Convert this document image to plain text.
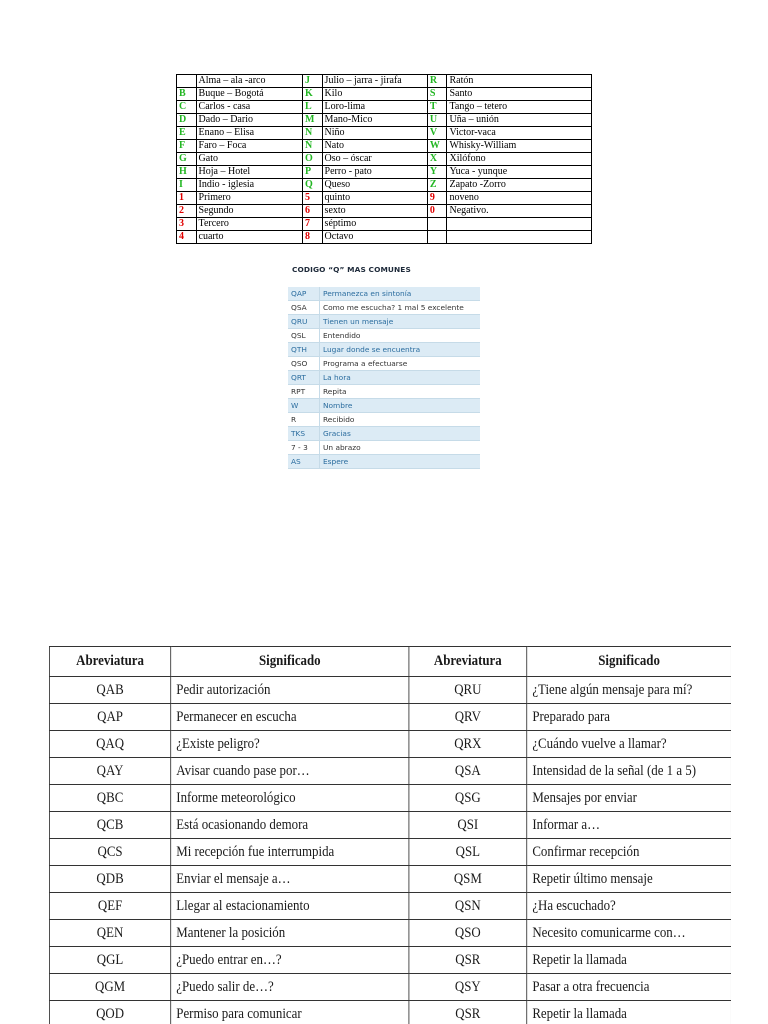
	Alma – ala -arco	J	Julio – jarra - jirafa	R	Ratón
B	Buque – Bogotá	K	Kilo	S	Santo
C	Carlos - casa	L	Loro-lima	T	Tango – tetero
D	Dado – Dario	M	Mano-Mico	U	Uña – unión
E	Enano – Elisa	N	Niño	V	Victor-vaca
F	Faro – Foca	Ñ	Nato	W	Whisky-William
G	Gato	O	Oso – óscar	X	Xilófono
H	Hoja – Hotel	P	Perro - pato	Y	Yuca - yunque
I	Indio - iglesia	Q	Queso	Z	Zapato -Zorro
1	Primero	5	quinto	9	noveno
2	Segundo	6	sexto	0	Negativo.
3	Tercero	7	séptimo		
4	cuarto	8	Octavo		
CODIGO “Q” MAS COMUNES
QAP	Permanezca en sintonía
QSA	Como me escucha? 1 mal 5 excelente
QRU	Tienen un mensaje
QSL	Entendido
QTH	Lugar donde se encuentra
QSO	Programa a efectuarse
QRT	La hora
RPT	Repita
W	Nombre
R	Recibido
TKS	Gracias
7 - 3	Un abrazo
AS	Espere
Abreviatura	Significado	Abreviatura	Significado
QAB	Pedir autorización	QRU	¿Tiene algún mensaje para mí?
QAP	Permanecer en escucha	QRV	Preparado para
QAQ	¿Existe peligro?	QRX	¿Cuándo vuelve a llamar?
QAY	Avisar cuando pase por…	QSA	Intensidad de la señal (de 1 a 5)
QBC	Informe meteorológico	QSG	Mensajes por enviar
QCB	Está ocasionando demora	QSI	Informar a…
QCS	Mi recepción fue interrumpida	QSL	Confirmar recepción
QDB	Enviar el mensaje a…	QSM	Repetir último mensaje
QEF	Llegar al estacionamiento	QSN	¿Ha escuchado?
QEN	Mantener la posición	QSO	Necesito comunicarme con…
QGL	¿Puedo entrar en…?	QSR	Repetir la llamada
QGM	¿Puedo salir de…?	QSY	Pasar a otra frecuencia
QOD	Permiso para comunicar	QSR	Repetir la llamada
